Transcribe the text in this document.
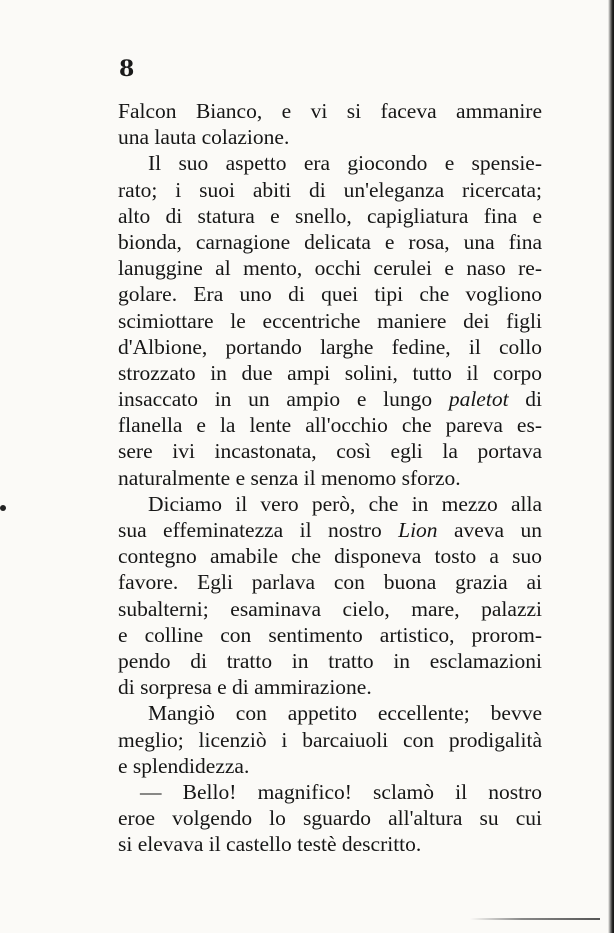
8
Falcon Bianco, e vi si faceva ammanire
una lauta colazione.
Il suo aspetto era giocondo e spensie-
rato; i suoi abiti di un'eleganza ricercata;
alto di statura e snello, capigliatura fina e
bionda, carnagione delicata e rosa, una fina
lanuggine al mento, occhi cerulei e naso re-
golare. Era uno di quei tipi che vogliono
scimiottare le eccentriche maniere dei figli
d'Albione, portando larghe fedine, il collo
strozzato in due ampi solini, tutto il corpo
insaccato in un ampio e lungo paletot di
flanella e la lente all'occhio che pareva es-
sere ivi incastonata, così egli la portava
naturalmente e senza il menomo sforzo.
Diciamo il vero però, che in mezzo alla
sua effeminatezza il nostro Lion aveva un
contegno amabile che disponeva tosto a suo
favore. Egli parlava con buona grazia ai
subalterni; esaminava cielo, mare, palazzi
e colline con sentimento artistico, prorom-
pendo di tratto in tratto in esclamazioni
di sorpresa e di ammirazione.
Mangiò con appetito eccellente; bevve
meglio; licenziò i barcaiuoli con prodigalità
e splendidezza.
— Bello! magnifico! sclamò il nostro
eroe volgendo lo sguardo all'altura su cui
si elevava il castello testè descritto.
